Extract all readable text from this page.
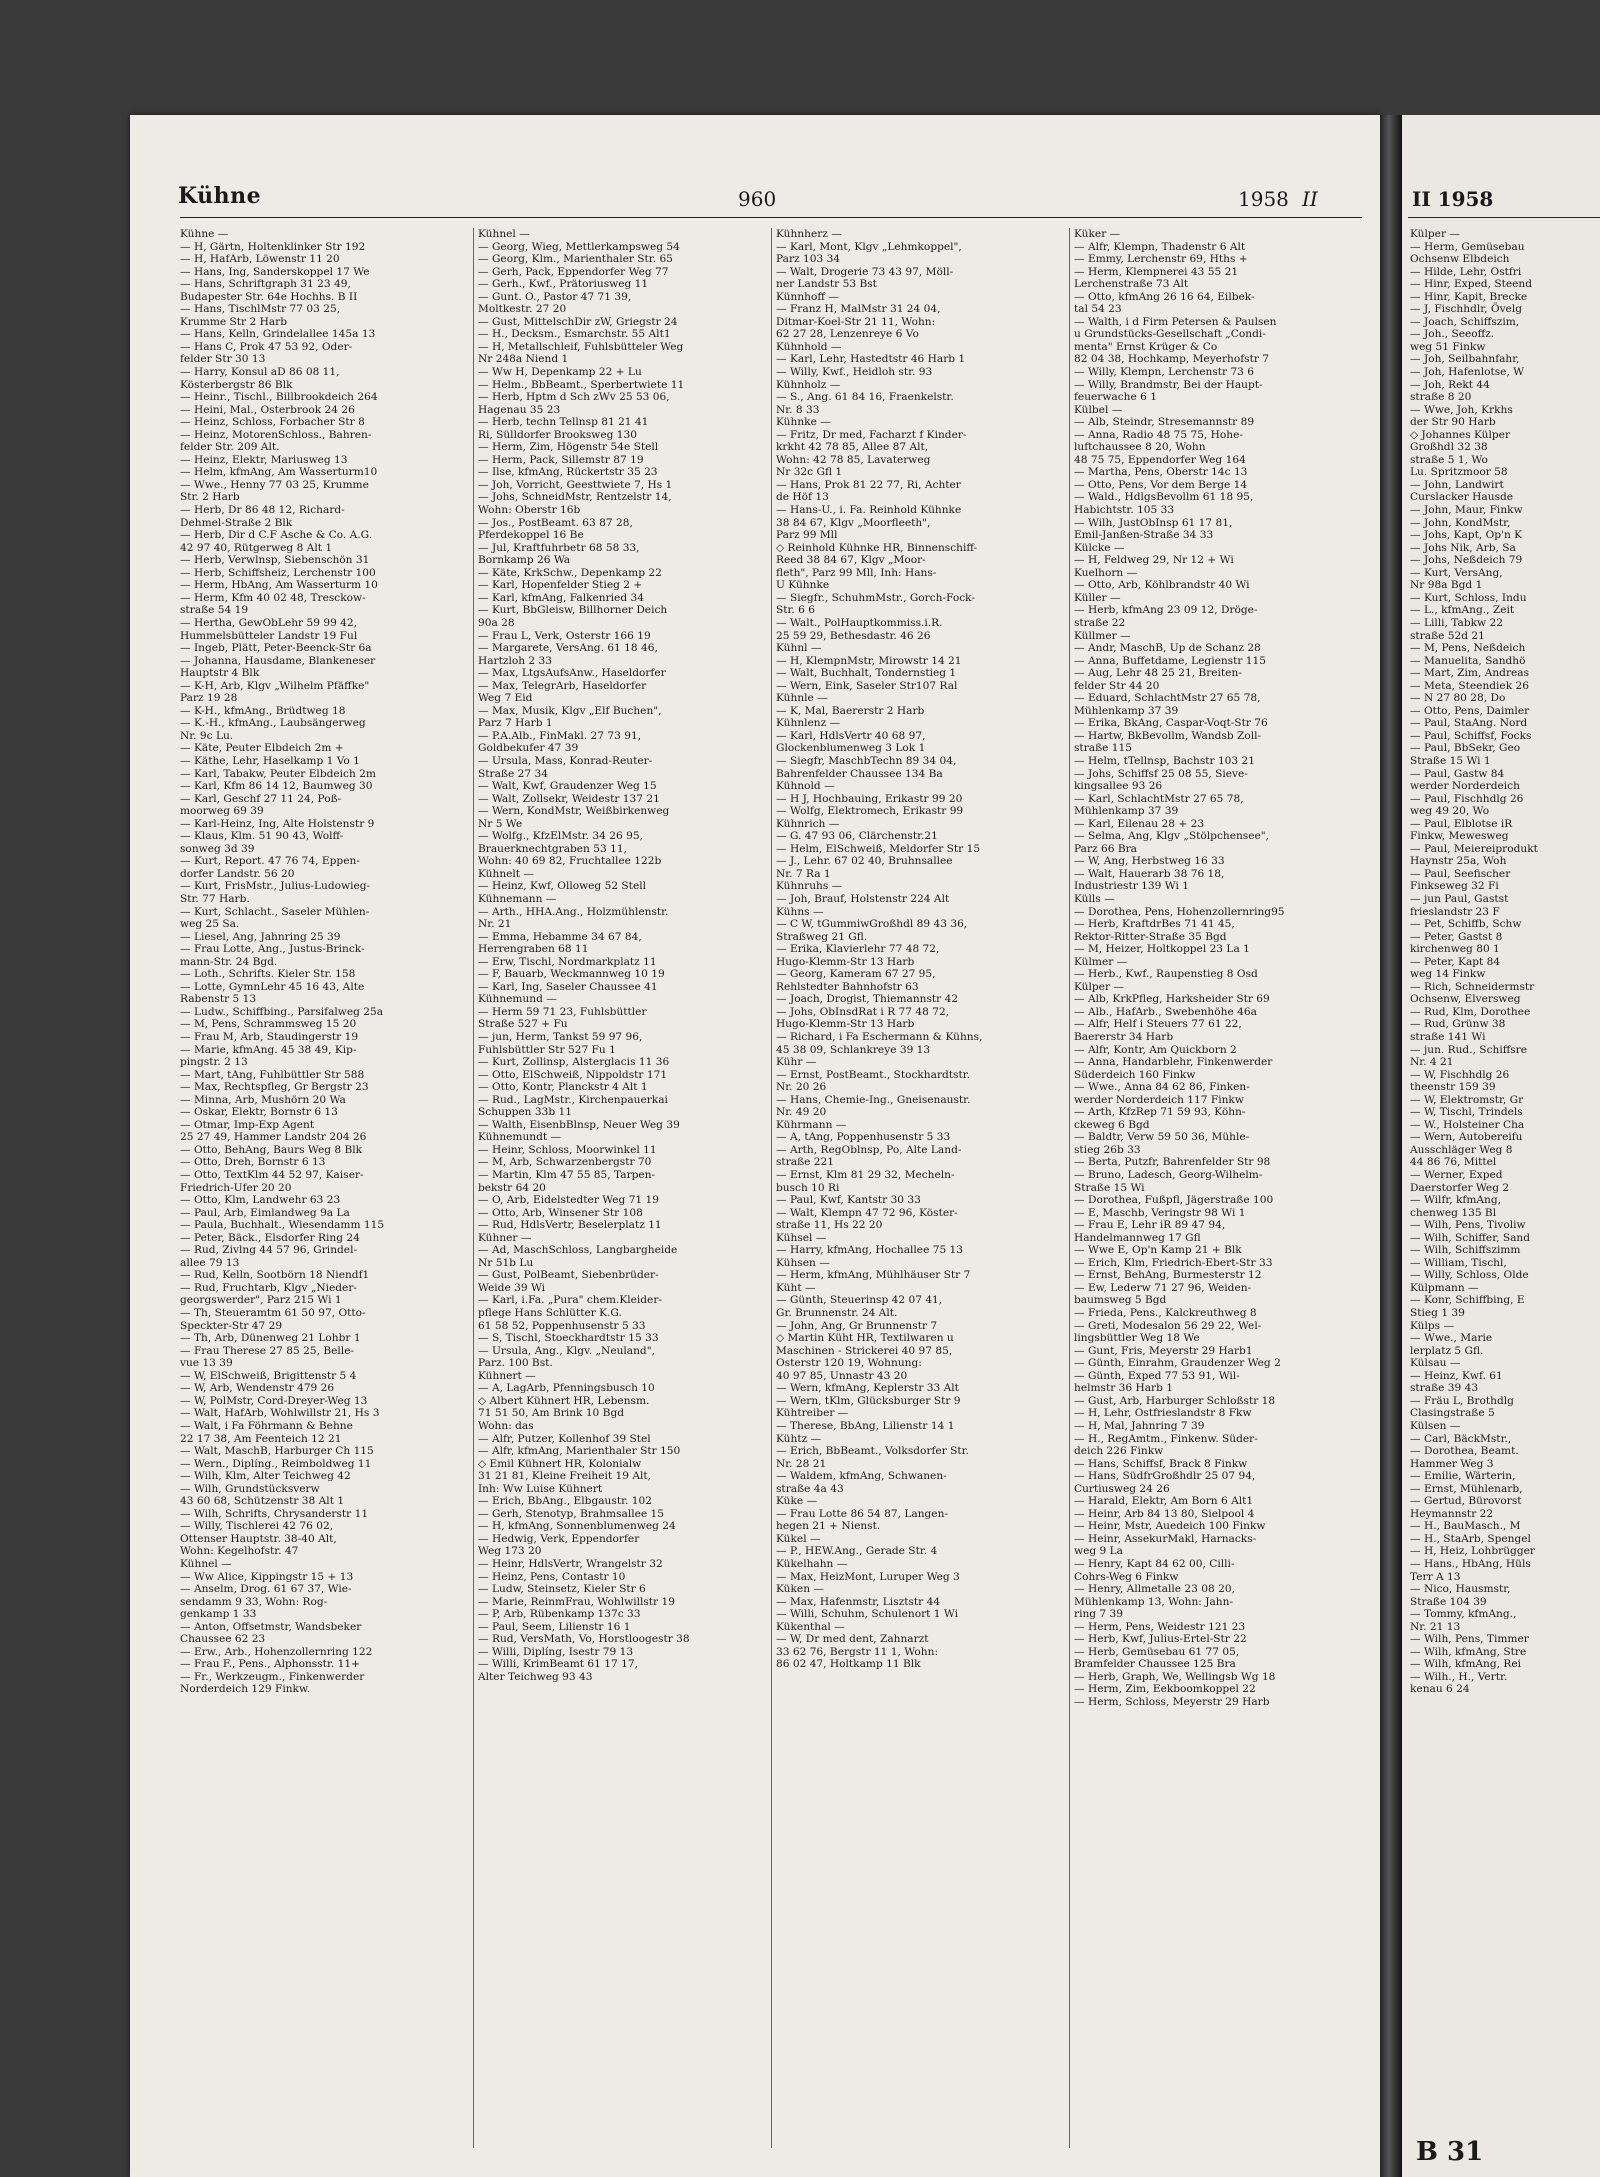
Kühne	960	1958 II
Kühne —
— H, Gärtn, Holtenklinker Str 192
— H, HafArb, Löwenstr 11 20
— Hans, Ing, Sanderskoppel 17 We
— Hans, Schriftgraph 31 23 49,
Budapester Str. 64e Hochhs. B II
— Hans, TischlMstr 77 03 25,
Krumme Str 2 Harb
— Hans, Kelln, Grindelallee 145a 13
— Hans C, Prok 47 53 92, Oder-
felder Str 30 13
— Harry, Konsul aD 86 08 11,
Kösterbergstr 86 Blk
— Heinr., Tischl., Billbrookdeich 264
— Heini, Mal., Osterbrook 24 26
— Heinz, Schloss, Forbacher Str 8
— Heinz, MotorenSchloss., Bahren-
felder Str. 209 Alt.
— Heinz, Elektr, Mariusweg 13
— Helm, kfmAng, Am Wasserturm10
— Wwe., Henny 77 03 25, Krumme
Str. 2 Harb
— Herb, Dr 86 48 12, Richard-
Dehmel-Straße 2 Blk
— Herb, Dir d C.F Asche & Co. A.G.
42 97 40, Rütgerweg 8 Alt 1
— Herb, Verwlnsp, Siebenschön 31
— Herb, Schiffsheiz, Lerchenstr 100
— Herm, HbAng, Am Wasserturm 10
— Herm, Kfm 40 02 48, Tresckow-
straße 54 19
— Hertha, GewObLehr 59 99 42,
Hummelsbütteler Landstr 19 Ful
— Ingeb, Plätt, Peter-Beenck-Str 6a
— Johanna, Hausdame, Blankeneser
Hauptstr 4 Blk
— K-H, Arb, Klgv „Wilhelm Pfäffke"
Parz 19 28
— K-H., kfmAng., Brüdtweg 18
— K.-H., kfmAng., Laubsängerweg
Nr. 9c Lu.
— Käte, Peuter Elbdeich 2m +
— Käthe, Lehr, Haselkamp 1 Vo 1
— Karl, Tabakw, Peuter Elbdeich 2m
— Karl, Kfm 86 14 12, Baumweg 30
— Karl, Geschf 27 11 24, Poß-
moorweg 69 39
— Karl-Heinz, Ing, Alte Holstenstr 9
— Klaus, Klm. 51 90 43, Wolff-
sonweg 3d 39
— Kurt, Report. 47 76 74, Eppen-
dorfer Landstr. 56 20
— Kurt, FrisMstr., Julius-Ludowieg-
Str. 77 Harb.
— Kurt, Schlacht., Saseler Mühlen-
weg 25 Sa.
— Liesel, Ang, Jahnring 25 39
— Frau Lotte, Ang., Justus-Brinck-
mann-Str. 24 Bgd.
— Loth., Schrifts. Kieler Str. 158
— Lotte, GymnLehr 45 16 43, Alte
Rabenstr 5 13
— Ludw., Schiffbing., Parsifalweg 25a
— M, Pens, Schrammsweg 15 20
— Frau M, Arb, Staudingerstr 19
— Marie, kfmAng. 45 38 49, Kip-
pingstr. 2 13
— Mart, tAng, Fuhlbüttler Str 588
— Max, Rechtspfleg, Gr Bergstr 23
— Minna, Arb, Mushörn 20 Wa
— Oskar, Elektr, Bornstr 6 13
— Otmar, Imp-Exp Agent
25 27 49, Hammer Landstr 204 26
— Otto, BehAng, Baurs Weg 8 Blk
— Otto, Dreh, Bornstr 6 13
— Otto, TextKlm 44 52 97, Kaiser-
Friedrich-Ufer 20 20
— Otto, Klm, Landwehr 63 23
— Paul, Arb, Eimlandweg 9a La
— Paula, Buchhalt., Wiesendamm 115
— Peter, Bäck., Elsdorfer Ring 24
— Rud, Zivlng 44 57 96, Grindel-
allee 79 13
— Rud, Kelln, Sootbörn 18 Niendf1
— Rud, Fruchtarb, Klgv „Nieder-
georgswerder", Parz 215 Wi 1
— Th, Steueramtm 61 50 97, Otto-
Speckter-Str 47 29
— Th, Arb, Dünenweg 21 Lohbr 1
— Frau Therese 27 85 25, Belle-
vue 13 39
— W, ElSchweiß, Brigittenstr 5 4
— W, Arb, Wendenstr 479 26
— W, PolMstr, Cord-Dreyer-Weg 13
— Walt, HafArb, Wohlwillstr 21, Hs 3
— Walt, i Fa Föhrmann & Behne
22 17 38, Am Feenteich 12 21
— Walt, MaschB, Harburger Ch 115
— Wern., Diplíng., Reimboldweg 11
— Wilh, Klm, Alter Teichweg 42
— Wilh, Grundstücksverw
43 60 68, Schützenstr 38 Alt 1
— Wilh, Schrifts, Chrysanderstr 11
— Willy, Tischlerei 42 76 02,
Ottenser Hauptstr. 38-40 Alt,
Wohn: Kegelhofstr. 47
Kühnel —
— Ww Alice, Kippingstr 15 + 13
— Anselm, Drog. 61 67 37, Wie-
sendamm 9 33, Wohn: Rog-
genkamp 1 33
— Anton, Offsetmstr, Wandsbeker
Chaussee 62 23
— Erw., Arb., Hohenzollernring 122
— Frau F., Pens., Alphonsstr. 11+
— Fr., Werkzeugm., Finkenwerder
Norderdeich 129 Finkw.
Kühnel —
— Georg, Wieg, Mettlerkampsweg 54
— Georg, Klm., Marienthaler Str. 65
— Gerh, Pack, Eppendorfer Weg 77
— Gerh., Kwf., Prätoriusweg 11
— Gunt. O., Pastor 47 71 39,
Moltkestr. 27 20
— Gust, MittelschDir zW, Griegstr 24
— H., Decksm., Esmarchstr. 55 Alt1
— H, Metallschleif, Fuhlsbütteler Weg
Nr 248a Niend 1
— Ww H, Depenkamp 22 + Lu
— Helm., BbBeamt., Sperbertwiete 11
— Herb, Hptm d Sch zWv 25 53 06,
Hagenau 35 23
— Herb, techn Tellnsp 81 21 41
Ri, Sülldorfer Brooksweg 130
— Herm, Zim, Högenstr 54e Stell
— Herm, Pack, Sillemstr 87 19
— Ilse, kfmAng, Rückertstr 35 23
— Joh, Vorricht, Geesttwiete 7, Hs 1
— Johs, SchneidMstr, Rentzelstr 14,
Wohn: Oberstr 16b
— Jos., PostBeamt. 63 87 28,
Pferdekoppel 16 Be
— Jul, Kraftfuhrbetr 68 58 33,
Bornkamp 26 Wa
— Käte, KrkSchw., Depenkamp 22
— Karl, Hopenfelder Stieg 2 +
— Karl, kfmAng, Falkenried 34
— Kurt, BbGleisw, Billhorner Deich
90a 28
— Frau L, Verk, Osterstr 166 19
— Margarete, VersAng. 61 18 46,
Hartzloh 2 33
— Max, LtgsAufsAnw., Haseldorfer
— Max, TelegrArb, Haseldorfer
Weg 7 Eid
— Max, Musik, Klgv „Elf Buchen",
Parz 7 Harb 1
— P.A.Alb., FinMakl. 27 73 91,
Goldbekufer 47 39
— Ursula, Mass, Konrad-Reuter-
Straße 27 34
— Walt, Kwf, Graudenzer Weg 15
— Walt, Zollsekr, Weidestr 137 21
— Wern, KondMstr, Weißbirkenweg
Nr 5 We
— Wolfg., KfzElMstr. 34 26 95,
Brauerknechtgraben 53 11,
Wohn: 40 69 82, Fruchtallee 122b
Kühnelt —
— Heinz, Kwf, Olloweg 52 Stell
Kühnemann —
— Arth., HHA.Ang., Holzmühlenstr.
Nr. 21
— Emma, Hebamme 34 67 84,
Herrengraben 68 11
— Erw, Tischl, Nordmarkplatz 11
— F, Bauarb, Weckmannweg 10 19
— Karl, Ing, Saseler Chaussee 41
Kühnemund —
— Herm 59 71 23, Fuhlsbüttler
Straße 527 + Fu
— jun, Herm, Tankst 59 97 96,
Fuhlsbüttler Str 527 Fu 1
— Kurt, Zollinsp, Alsterglacis 11 36
— Otto, ElSchweiß, Nippoldstr 171
— Otto, Kontr, Planckstr 4 Alt 1
— Rud., LagMstr., Kirchenpauerkai
Schuppen 33b 11
— Walth, EisenbBlnsp, Neuer Weg 39
Kühnemundt —
— Heinr, Schloss, Moorwinkel 11
— M, Arb, Schwarzenbergstr 70
— Martin, Klm 47 55 85, Tarpen-
bekstr 64 20
— O, Arb, Eidelstedter Weg 71 19
— Otto, Arb, Winsener Str 108
— Rud, HdlsVertr, Beselerplatz 11
Kühner —
— Ad, MaschSchloss, Langbargheide
Nr 51b Lu
— Gust, PolBeamt, Siebenbrüder-
Weide 39 Wi
— Karl, i.Fa. „Pura" chem.Kleider-
pflege Hans Schlütter K.G.
61 58 52, Poppenhusenstr 5 33
— S, Tischl, Stoeckhardtstr 15 33
— Ursula, Ang., Klgv. „Neuland",
Parz. 100 Bst.
Kühnert —
— A, LagArb, Pfenningsbusch 10
◇ Albert Kühnert HR, Lebensm.
71 51 50, Am Brink 10 Bgd
Wohn: das
— Alfr, Putzer, Kollenhof 39 Stel
— Alfr, kfmAng, Marienthaler Str 150
◇ Emil Kühnert HR, Kolonialw
31 21 81, Kleine Freiheit 19 Alt,
Inh: Ww Luise Kühnert
— Erich, BbAng., Elbgaustr. 102
— Gerh, Stenotyp, Brahmsallee 15
— H, kfmAng, Sonnenblumenweg 24
— Hedwig, Verk, Eppendorfer
Weg 173 20
— Heinr, HdlsVertr, Wrangelstr 32
— Heinz, Pens, Contastr 10
— Ludw, Steinsetz, Kieler Str 6
— Marie, ReinmFrau, Wohlwillstr 19
— P, Arb, Rübenkamp 137c 33
— Paul, Seem, Lilienstr 16 1
— Rud, VersMath, Vo, Horstloogestr 38
— Willi, Diplíng, Isestr 79 13
— Willi, KrimBeamt 61 17 17,
Alter Teichweg 93 43
Kühnherz —
— Karl, Mont, Klgv „Lehmkoppel",
Parz 103 34
— Walt, Drogerie 73 43 97, Möll-
ner Landstr 53 Bst
Künnhoff —
— Franz H, MalMstr 31 24 04,
Ditmar-Koel-Str 21 11, Wohn:
62 27 28, Lenzenreye 6 Vo
Kühnhold —
— Karl, Lehr, Hastedtstr 46 Harb 1
— Willy, Kwf., Heidloh str. 93
Kühnholz —
— S., Ang. 61 84 16, Fraenkelstr.
Nr. 8 33
Kühnke —
— Fritz, Dr med, Facharzt f Kinder-
krkht 42 78 85, Allee 87 Alt,
Wohn: 42 78 85, Lavaterweg
Nr 32c Gfl 1
— Hans, Prok 81 22 77, Ri, Achter
de Höf 13
— Hans-U., i. Fa. Reinhold Kühnke
38 84 67, Klgv „Moorfleeth",
Parz 99 Mll
◇ Reinhold Kühnke HR, Binnenschiff-
Reed 38 84 67, Klgv „Moor-
fleth", Parz 99 Mll, Inh: Hans-
U Kühnke
— Siegfr., SchuhmMstr., Gorch-Fock-
Str. 6 6
— Walt., PolHauptkommiss.i.R.
25 59 29, Bethesdastr. 46 26
Kühnl —
— H, KlempnMstr, Mirowstr 14 21
— Walt, Buchhalt, Tondernstieg 1
— Wern, Eink, Saseler Str107 Ral
Kühnle —
— K, Mal, Baererstr 2 Harb
Kühnlenz —
— Karl, HdlsVertr 40 68 97,
Glockenblumenweg 3 Lok 1
— Siegfr, MaschbTechn 89 34 04,
Bahrenfelder Chaussee 134 Ba
Kühnold —
— H J, Hochbauing, Erikastr 99 20
— Wolfg, Elektromech, Erikastr 99
Kühnrich —
— G. 47 93 06, Clärchenstr.21
— Helm, ElSchweiß, Meldorfer Str 15
— J., Lehr. 67 02 40, Bruhnsallee
Nr. 7 Ra 1
Kühnruhs —
— Joh, Brauf, Holstenstr 224 Alt
Kühns —
— C W, tGummiwGroßhdl 89 43 36,
Straßweg 21 Gfl.
— Erika, Klavierlehr 77 48 72,
Hugo-Klemm-Str 13 Harb
— Georg, Kameram 67 27 95,
Rehlstedter Bahnhofstr 63
— Joach, Drogist, Thiemannstr 42
— Johs, ObInsdRat i R 77 48 72,
Hugo-Klemm-Str 13 Harb
— Richard, i Fa Eschermann & Kühns,
45 38 09, Schlankreye 39 13
Kühr —
— Ernst, PostBeamt., Stockhardtstr.
Nr. 20 26
— Hans, Chemie-Ing., Gneisenaustr.
Nr. 49 20
Kührmann —
— A, tAng, Poppenhusenstr 5 33
— Arth, RegOblnsp, Po, Alte Land-
straße 221
— Ernst, Klm 81 29 32, Mecheln-
busch 10 Ri
— Paul, Kwf, Kantstr 30 33
— Walt, Klempn 47 72 96, Köster-
straße 11, Hs 22 20
Kühsel —
— Harry, kfmAng, Hochallee 75 13
Kühsen —
— Herm, kfmAng, Mühlhäuser Str 7
Küht —
— Günth, Steuerinsp 42 07 41,
Gr. Brunnenstr. 24 Alt.
— John, Ang, Gr Brunnenstr 7
◇ Martin Küht HR, Textilwaren u
Maschinen - Strickerei 40 97 85,
Osterstr 120 19, Wohnung:
40 97 85, Unnastr 43 20
— Wern, kfmAng, Keplerstr 33 Alt
— Wern, tKlm, Glücksburger Str 9
Kühtreiber —
— Therese, BbAng, Lilienstr 14 1
Kühtz —
— Erich, BbBeamt., Volksdorfer Str.
Nr. 28 21
— Waldem, kfmAng, Schwanen-
straße 4a 43
Küke —
— Frau Lotte 86 54 87, Langen-
hegen 21 + Nienst.
Kükel —
— P., HEW.Ang., Gerade Str. 4
Kükelhahn —
— Max, HeizMont, Luruper Weg 3
Küken —
— Max, Hafenmstr, Lisztstr 44
— Willi, Schuhm, Schulenort 1 Wi
Kükenthal —
— W, Dr med dent, Zahnarzt
33 62 76, Bergstr 11 1, Wohn:
86 02 47, Holtkamp 11 Blk
Küker —
— Alfr, Klempn, Thadenstr 6 Alt
— Emmy, Lerchenstr 69, Hths +
— Herm, Klempnerei 43 55 21
Lerchenstraße 73 Alt
— Otto, kfmAng 26 16 64, Eilbek-
tal 54 23
— Walth, i d Firm Petersen & Paulsen
u Grundstücks-Gesellschaft „Condi-
menta" Ernst Krüger & Co
82 04 38, Hochkamp, Meyerhofstr 7
— Willy, Klempn, Lerchenstr 73 6
— Willy, Brandmstr, Bei der Haupt-
feuerwache 6 1
Külbel —
— Alb, Steindr, Stresemannstr 89
— Anna, Radio 48 75 75, Hohe-
luftchaussee 8 20, Wohn
48 75 75, Eppendorfer Weg 164
— Martha, Pens, Oberstr 14c 13
— Otto, Pens, Vor dem Berge 14
— Wald., HdlgsBevollm 61 18 95,
Habichtstr. 105 33
— Wilh, JustObInsp 61 17 81,
Emil-Janßen-Straße 34 33
Külcke —
— H, Feldweg 29, Nr 12 + Wi
Kuelhorn —
— Otto, Arb, Köhlbrandstr 40 Wi
Küller —
— Herb, kfmAng 23 09 12, Dröge-
straße 22
Küllmer —
— Andr, MaschB, Up de Schanz 28
— Anna, Buffetdame, Legienstr 115
— Aug, Lehr 48 25 21, Breiten-
felder Str 44 20
— Eduard, SchlachtMstr 27 65 78,
Mühlenkamp 37 39
— Erika, BkAng, Caspar-Voqt-Str 76
— Hartw, BkBevollm, Wandsb Zoll-
straße 115
— Helm, tTellnsp, Bachstr 103 21
— Johs, Schiffsf 25 08 55, Sieve-
kingsallee 93 26
— Karl, SchlachtMstr 27 65 78,
Mühlenkamp 37 39
— Karl, Eilenau 28 + 23
— Selma, Ang, Klgv „Stölpchensee",
Parz 66 Bra
— W, Ang, Herbstweg 16 33
— Walt, Hauerarb 38 76 18,
Industriestr 139 Wi 1
Külls —
— Dorothea, Pens, Hohenzollernring95
— Herb, KraftdrBes 71 41 45,
Rektor-Ritter-Straße 35 Bgd
— M, Heizer, Holtkoppel 23 La 1
Külmer —
— Herb., Kwf., Raupenstieg 8 Osd
Külper —
— Alb, KrkPfleg, Harksheider Str 69
— Alb., HafArb., Swebenhöhe 46a
— Alfr, Helf i Steuers 77 61 22,
Baererstr 34 Harb
— Alfr, Kontr, Am Quickborn 2
— Anna, Handarblehr, Finkenwerder
Süderdeich 160 Finkw
— Wwe., Anna 84 62 86, Finken-
werder Norderdeich 117 Finkw
— Arth, KfzRep 71 59 93, Köhn-
ckeweg 6 Bgd
— Baldtr, Verw 59 50 36, Mühle-
stieg 26b 33
— Berta, Putzfr, Bahrenfelder Str 98
— Bruno, Ladesch, Georg-Wilhelm-
Straße 15 Wi
— Dorothea, Fußpfl, Jägerstraße 100
— E, Maschb, Veringstr 98 Wi 1
— Frau E, Lehr iR 89 47 94,
Handelmannweg 17 Gfl
— Wwe E, Op'n Kamp 21 + Blk
— Erich, Klm, Friedrich-Ebert-Str 33
— Ernst, BehAng, Burmesterstr 12
— Ew, Lederw 71 27 96, Weiden-
baumsweg 5 Bgd
— Frieda, Pens., Kalckreuthweg 8
— Greti, Modesalon 56 29 22, Wel-
lingsbüttler Weg 18 We
— Gunt, Fris, Meyerstr 29 Harb1
— Günth, Einrahm, Graudenzer Weg 2
— Günth, Exped 77 53 91, Wil-
helmstr 36 Harb 1
— Gust, Arb, Harburger Schloßstr 18
— H, Lehr, Ostfrieslandstr 8 Fkw
— H, Mal, Jahnring 7 39
— H., RegAmtm., Finkenw. Süder-
deich 226 Finkw
— Hans, Schiffsf, Brack 8 Finkw
— Hans, SüdfrGroßhdlr 25 07 94,
Curtiusweg 24 26
— Harald, Elektr, Am Born 6 Alt1
— Heinr, Arb 84 13 80, Sielpool 4
— Heinr, Mstr, Auedeich 100 Finkw
— Heinr, AssekurMakl, Harnacks-
weg 9 La
— Henry, Kapt 84 62 00, Cilli-
Cohrs-Weg 6 Finkw
— Henry, Allmetalle 23 08 20,
Mühlenkamp 13, Wohn: Jahn-
ring 7 39
— Herm, Pens, Weidestr 121 23
— Herb, Kwf, Julius-Ertel-Str 22
— Herb, Gemüsebau 61 77 05,
Bramfelder Chaussee 125 Bra
— Herb, Graph, We, Wellingsb Wg 18
— Herm, Zim, Eekboomkoppel 22
— Herm, Schloss, Meyerstr 29 Harb
II 1958
Külper —
— Herm, Gemüsebau
Ochsenw Elbdeich
— Hilde, Lehr, Ostfri
— Hinr, Exped, Steend
— Hinr, Kapit, Brecke
— J, Fischhdlr, Övelg
— Joach, Schiffszim,
— Joh., Seeoffz.
weg 51 Finkw
— Joh, Seilbahnfahr,
— Joh, Hafenlotse, W
— Joh, Rekt 44
straße 8 20
— Wwe, Joh, Krkhs
der Str 90 Harb
◇ Johannes Külper
Großhdl 32 38
straße 5 1, Wo
Lu. Spritzmoor 58
— John, Landwirt
Curslacker Hausde
— John, Maur, Finkw
— John, KondMstr,
— Johs, Kapt, Op'n K
— Johs Nik, Arb, Sa
— Johs, Neßdeich 79
— Kurt, VersAng,
Nr 98a Bgd 1
— Kurt, Schloss, Indu
— L., kfmAng., Zeit
— Lilli, Tabkw 22
straße 52d 21
— M, Pens, Neßdeich
— Manuelita, Sandhö
— Mart, Zim, Andreas
— Meta, Steendiek 26
— N 27 80 28, Do
— Otto, Pens, Daimler
— Paul, StaAng. Nord
— Paul, Schiffsf, Focks
— Paul, BbSekr, Geo
Straße 15 Wi 1
— Paul, Gastw 84
werder Norderdeich
— Paul, Fischhdlg 26
weg 49 20, Wo
— Paul, Elblotse iR
Finkw, Mewesweg
— Paul, Meiereiprodukt
Haynstr 25a, Woh
— Paul, Seefischer
Finkseweg 32 Fi
— jun Paul, Gastst
frieslandstr 23 F
— Pet, Schiffb, Schw
— Peter, Gastst 8
kirchenweg 80 1
— Peter, Kapt 84
weg 14 Finkw
— Rich, Schneidermstr
Ochsenw, Elversweg
— Rud, Klm, Dorothee
— Rud, Grünw 38
straße 141 Wi
— jun. Rud., Schiffsre
Nr. 4 21
— W, Fischhdlg 26
theenstr 159 39
— W, Elektromstr, Gr
— W, Tischl, Trindels
— W., Holsteiner Cha
— Wern, Autobereifu
Ausschläger Weg 8
44 86 76, Mittel
— Werner, Exped
Daerstorfer Weg 2
— Wilfr, kfmAng,
chenweg 135 Bl
— Wilh, Pens, Tivoliw
— Wilh, Schiffer, Sand
— Wilh, Schiffszimm
— William, Tischl,
— Willy, Schloss, Olde
Külpmann —
— Konr, Schiffbing, E
Stieg 1 39
Külps —
— Wwe., Marie
lerplatz 5 Gfl.
Külsau —
— Heinz, Kwf. 61
straße 39 43
— Fräu L, Brothdlg
Clasingstraße 5
Külsen —
— Carl, BäckMstr.,
— Dorothea, Beamt.
Hammer Weg 3
— Emilie, Wärterin,
— Ernst, Mühlenarb,
— Gertud, Bürovorst
Heymannstr 22
— H., BauMasch., M
— H., StaArb, Spengel
— H, Heiz, Lohbrügger
— Hans., HbAng, Hüls
Terr A 13
— Nico, Hausmstr,
Straße 104 39
— Tommy, kfmAng.,
Nr. 21 13
— Wilh, Pens, Timmer
— Wilh, kfmAng, Stre
— Wilh, kfmAng, Rei
— Wilh., H., Vertr.
kenau 6 24
B 31
